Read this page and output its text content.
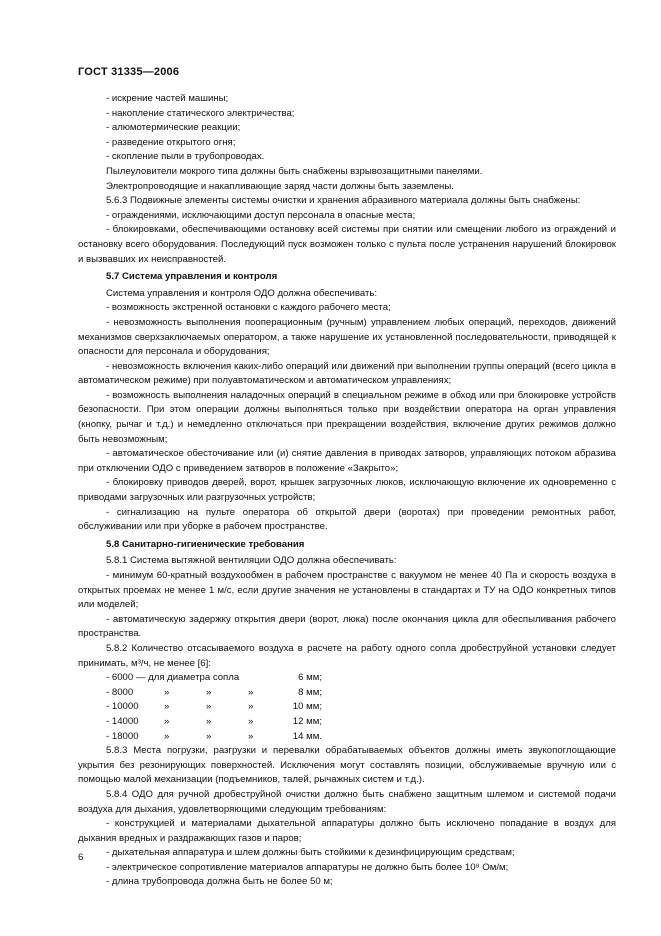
ГОСТ 31335—2006

- искрение частей машины;

- накопление статического электричества;

- алюмотермические реакции;

- разведение открытого огня;

- скопление пыли в трубопроводах.

Пылеуловители мокрого типа должны быть снабжены взрывозащитными панелями.

Электропроводящие и накапливающие заряд части должны быть заземлены.

5.6.3 Подвижные элементы системы очистки и хранения абразивного материала должны быть снабжены:

- ограждениями, исключающими доступ персонала в опасные места;

- блокировками, обеспечивающими остановку всей системы при снятии или смещении любого из ограждений и остановку всего оборудования. Последующий пуск возможен только с пульта после устранения нарушений блокировок и вызвавших их неисправностей.

5.7 Система управления и контроля

Система управления и контроля ОДО должна обеспечивать:

- возможность экстренной остановки с каждого рабочего места;

- невозможность выполнения пооперационным (ручным) управлением любых операций, переходов, движений механизмов сверхзаключаемых оператором, а также нарушение их установленной последовательности, приводящей к опасности для персонала и оборудования;

- невозможность включения каких-либо операций или движений при выполнении группы операций (всего цикла в автоматическом режиме) при полуавтоматическом и автоматическом управлениях;

- возможность выполнения наладочных операций в специальном режиме в обход или при блокировке устройств безопасности. При этом операции должны выполняться только при воздействии оператора на орган управления (кнопку, рычаг и т.д.) и немедленно отключаться при прекращении воздействия, включение других режимов должно быть невозможным;

- автоматическое обесточивание или (и) снятие давления в приводах затворов, управляющих потоком абразива при отключении ОДО с приведением затворов в положение «Закрыто»;

- блокировку приводов дверей, ворот, крышек загрузочных люков, исключающую включение их одновременно с приводами загрузочных или разгрузочных устройств;

- сигнализацию на пульте оператора об открытой двери (воротах) при проведении ремонтных работ, обслуживании или при уборке в рабочем пространстве.

5.8 Санитарно-гигиенические требования

5.8.1 Система вытяжной вентиляции ОДО должна обеспечивать:

- минимум 60-кратный воздухообмен в рабочем пространстве с вакуумом не менее 40 Па и скорость воздуха в открытых проемах не менее 1 м/с, если другие значения не установлены в стандартах и ТУ на ОДО конкретных типов или моделей;

- автоматическую задержку открытия двери (ворот, люка) после окончания цикла для обеспыливания рабочего пространства.

5.8.2 Количество отсасываемого воздуха в расчете на работу одного сопла дробеструйной установки следует принимать, м³/ч, не менее [6]:

- 6000 — для диаметра сопла	6 мм;
- 8000	»	»	»	8 мм;
- 10000	»	»	»	10 мм;
- 14000	»	»	»	12 мм;
- 18000	»	»	»	14 мм.

5.8.3 Места погрузки, разгрузки и перевалки обрабатываемых объектов должны иметь звукопоглощающие укрытия без резонирующих поверхностей. Исключения могут составлять позиции, обслуживаемые вручную или с помощью малой механизации (подъемников, талей, рычажных систем и т.д.).

5.8.4 ОДО для ручной дробеструйной очистки должно быть снабжено защитным шлемом и системой подачи воздуха для дыхания, удовлетворяющими следующим требованиям:

- конструкцией и материалами дыхательной аппаратуры должно быть исключено попадание в воздух для дыхания вредных и раздражающих газов и паров;

- дыхательная аппаратура и шлем должны быть стойкими к дезинфицирующим средствам;

- электрическое сопротивление материалов аппаратуры не должно быть более 10⁸ Ом/м;

- длина трубопровода должна быть не более 50 м;

6
